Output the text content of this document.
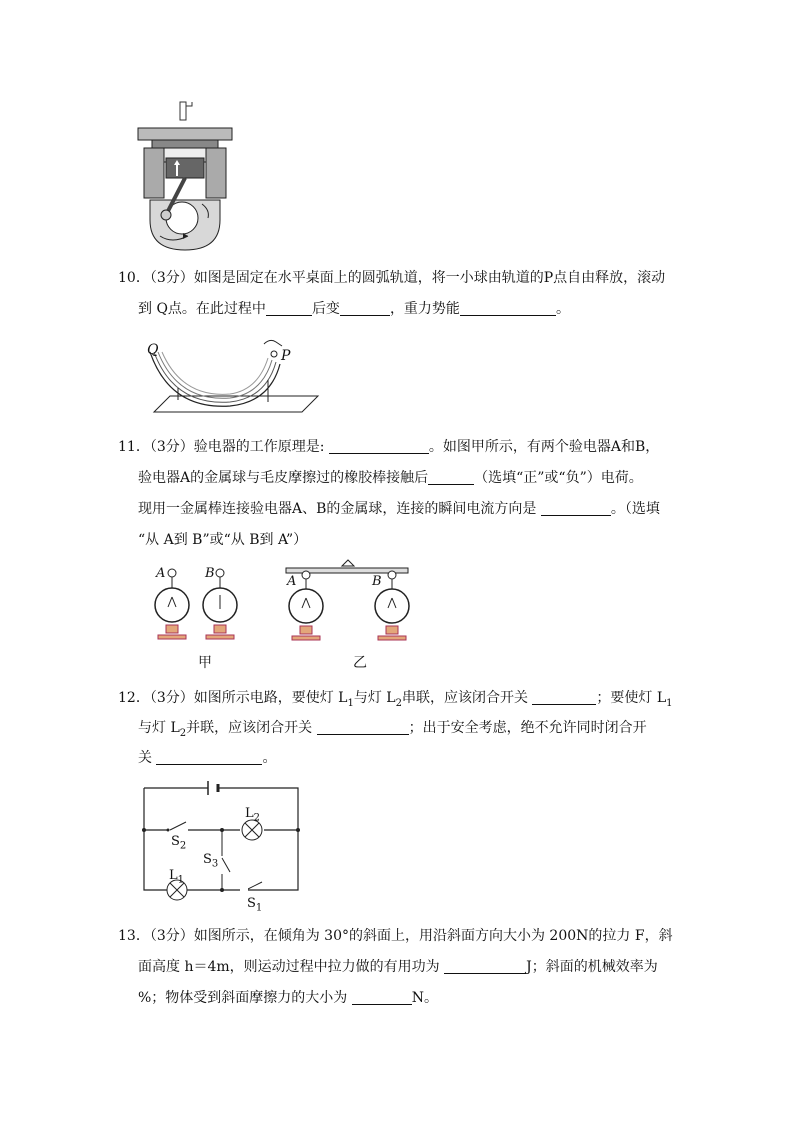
10．（3分）如图是固定在水平桌面上的圆弧轨道，将一小球由轨道的P点自由释放，滚动
到 Q点。在此过程中	后变	，重力势能	。
Q	P
11．（3分）验电器的工作原理是:	。如图甲所示，有两个验电器A和B，
验电器A的金属球与毛皮摩擦过的橡胶棒接触后	（选填“正”或“负”）电荷。
现用一金属棒连接验电器A、B的金属球，连接的瞬间电流方向是	。（选填
“从 A到 B”或“从 B到 A”）
A	B
A	B
甲	乙
12．（3分）如图所示电路，要使灯 $L_1$与灯 $L_2$串联，应该闭合开关	；要使灯 $L_1$
与灯 $L_2$并联，应该闭合开关	；出于安全考虑，绝不允许同时闭合开
关	。
$L_2$
$S_2$
$S_3$
$L_1$
$S_1$
13．（3分）如图所示，在倾角为 30°的斜面上，用沿斜面方向大小为 200N的拉力 F，斜
面高度 h＝4m，则运动过程中拉力做的有用功为	J；斜面的机械效率为
%；物体受到斜面摩擦力的大小为	N。
